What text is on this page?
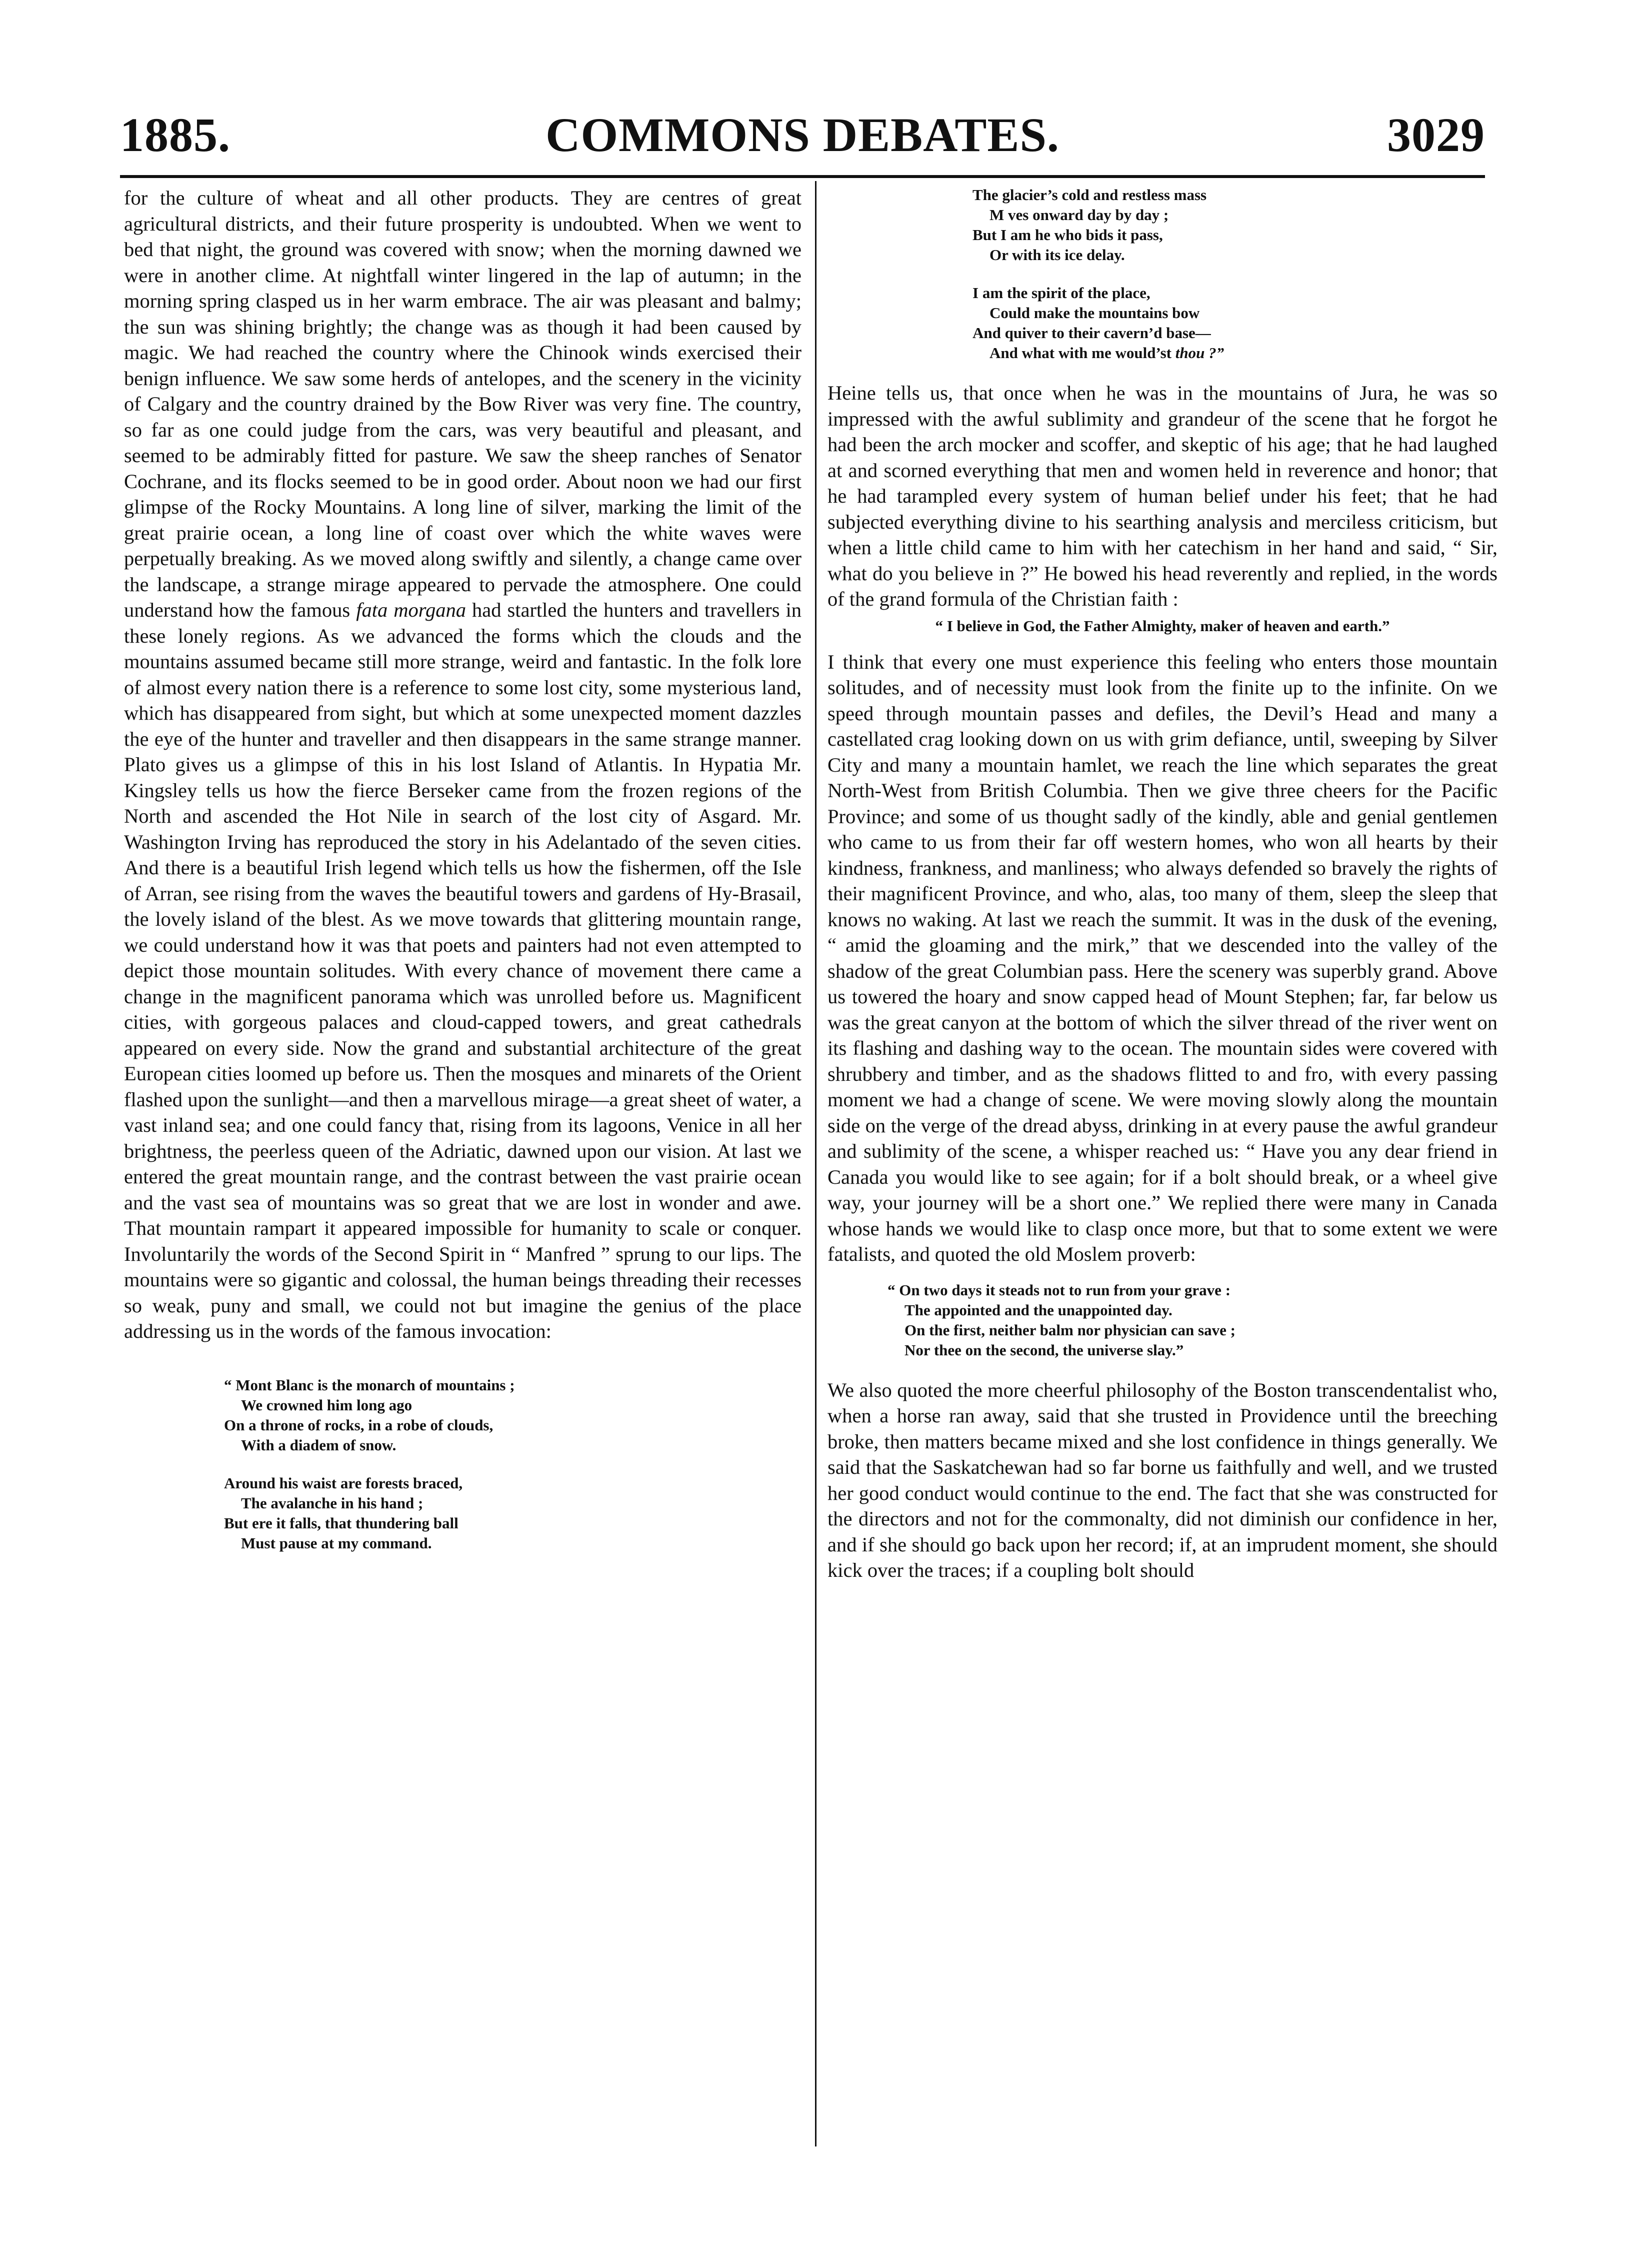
COMMONS DEBATES.
1885.	3029

for the culture of wheat and all other products. They are centres of great agricultural districts, and their future prosperity is undoubted. When we went to bed that night, the ground was covered with snow; when the morning dawned we were in another clime. At nightfall winter lingered in the lap of autumn; in the morning spring clasped us in her warm embrace. The air was pleasant and balmy; the sun was shining brightly; the change was as though it had been caused by magic. We had reached the country where the Chinook winds exercised their benign influence. We saw some herds of antelopes, and the scenery in the vicinity of Calgary and the country drained by the Bow River was very fine. The country, so far as one could judge from the cars, was very beautiful and pleasant, and seemed to be admirably fitted for pasture. We saw the sheep ranches of Senator Cochrane, and its flocks seemed to be in good order. About noon we had our first glimpse of the Rocky Mountains. A long line of silver, marking the limit of the great prairie ocean, a long line of coast over which the white waves were perpetually breaking. As we moved along swiftly and silently, a change came over the landscape, a strange mirage appeared to pervade the atmosphere. One could understand how the famous fata morgana had startled the hunters and travellers in these lonely regions. As we advanced the forms which the clouds and the mountains assumed became still more strange, weird and fantastic. In the folk lore of almost every nation there is a reference to some lost city, some mysterious land, which has disappeared from sight, but which at some unexpected moment dazzles the eye of the hunter and traveller and then disappears in the same strange manner. Plato gives us a glimpse of this in his lost Island of Atlantis. In Hypatia Mr. Kingsley tells us how the fierce Berseker came from the frozen regions of the North and ascended the Hot Nile in search of the lost city of Asgard. Mr. Washington Irving has reproduced the story in his Adelantado of the seven cities. And there is a beautiful Irish legend which tells us how the fishermen, off the Isle of Arran, see rising from the waves the beautiful towers and gardens of Hy-Brasail, the lovely island of the blest. As we move towards that glittering mountain range, we could understand how it was that poets and painters had not even attempted to depict those mountain solitudes. With every chance of movement there came a change in the magnificent panorama which was unrolled before us. Magnificent cities, with gorgeous palaces and cloud-capped towers, and great cathedrals appeared on every side. Now the grand and substantial architecture of the great European cities loomed up before us. Then the mosques and minarets of the Orient flashed upon the sunlight—and then a marvellous mirage—a great sheet of water, a vast inland sea; and one could fancy that, rising from its lagoons, Venice in all her brightness, the peerless queen of the Adriatic, dawned upon our vision. At last we entered the great mountain range, and the contrast between the vast prairie ocean and the vast sea of mountains was so great that we are lost in wonder and awe. That mountain rampart it appeared impossible for humanity to scale or conquer. Involuntarily the words of the Second Spirit in “ Manfred ” sprung to our lips. The mountains were so gigantic and colossal, the human beings threading their recesses so weak, puny and small, we could not but imagine the genius of the place addressing us in the words of the famous invocation:

“ Mont Blanc is the monarch of mountains ;
We crowned him long ago
On a throne of rocks, in a robe of clouds,
With a diadem of snow.
Around his waist are forests braced,
The avalanche in his hand ;
But ere it falls, that thundering ball
Must pause at my command.
The glacier’s cold and restless mass
M ves onward day by day ;
But I am he who bids it pass,
Or with its ice delay.
I am the spirit of the place,
Could make the mountains bow
And quiver to their cavern’d base—
And what with me would’st thou ?”

Heine tells us, that once when he was in the mountains of Jura, he was so impressed with the awful sublimity and grandeur of the scene that he forgot he had been the arch mocker and scoffer, and skeptic of his age; that he had laughed at and scorned everything that men and women held in reverence and honor; that he had tarampled every system of human belief under his feet; that he had subjected everything divine to his searthing analysis and merciless criticism, but when a little child came to him with her catechism in her hand and said, “ Sir, what do you believe in ?” He bowed his head reverently and replied, in the words of the grand formula of the Christian faith :

“ I believe in God, the Father Almighty, maker of heaven and earth.”

I think that every one must experience this feeling who enters those mountain solitudes, and of necessity must look from the finite up to the infinite. On we speed through mountain passes and defiles, the Devil’s Head and many a castellated crag looking down on us with grim defiance, until, sweeping by Silver City and many a mountain hamlet, we reach the line which separates the great North-West from British Columbia. Then we give three cheers for the Pacific Province; and some of us thought sadly of the kindly, able and genial gentlemen who came to us from their far off western homes, who won all hearts by their kindness, frankness, and manliness; who always defended so bravely the rights of their magnificent Province, and who, alas, too many of them, sleep the sleep that knows no waking. At last we reach the summit. It was in the dusk of the evening, “ amid the gloaming and the mirk,” that we descended into the valley of the shadow of the great Columbian pass. Here the scenery was superbly grand. Above us towered the hoary and snow capped head of Mount Stephen; far, far below us was the great canyon at the bottom of which the silver thread of the river went on its flashing and dashing way to the ocean. The mountain sides were covered with shrubbery and timber, and as the shadows flitted to and fro, with every passing moment we had a change of scene. We were moving slowly along the mountain side on the verge of the dread abyss, drinking in at every pause the awful grandeur and sublimity of the scene, a whisper reached us: “ Have you any dear friend in Canada you would like to see again; for if a bolt should break, or a wheel give way, your journey will be a short one.” We replied there were many in Canada whose hands we would like to clasp once more, but that to some extent we were fatalists, and quoted the old Moslem proverb:

“ On two days it steads not to run from your grave :
The appointed and the unappointed day.
On the first, neither balm nor physician can save ;
Nor thee on the second, the universe slay.”

We also quoted the more cheerful philosophy of the Boston transcendentalist who, when a horse ran away, said that she trusted in Providence until the breeching broke, then matters became mixed and she lost confidence in things generally. We said that the Saskatchewan had so far borne us faithfully and well, and we trusted her good conduct would continue to the end. The fact that she was constructed for the directors and not for the commonalty, did not diminish our confidence in her, and if she should go back upon her record; if, at an imprudent moment, she should kick over the traces; if a coupling bolt should
